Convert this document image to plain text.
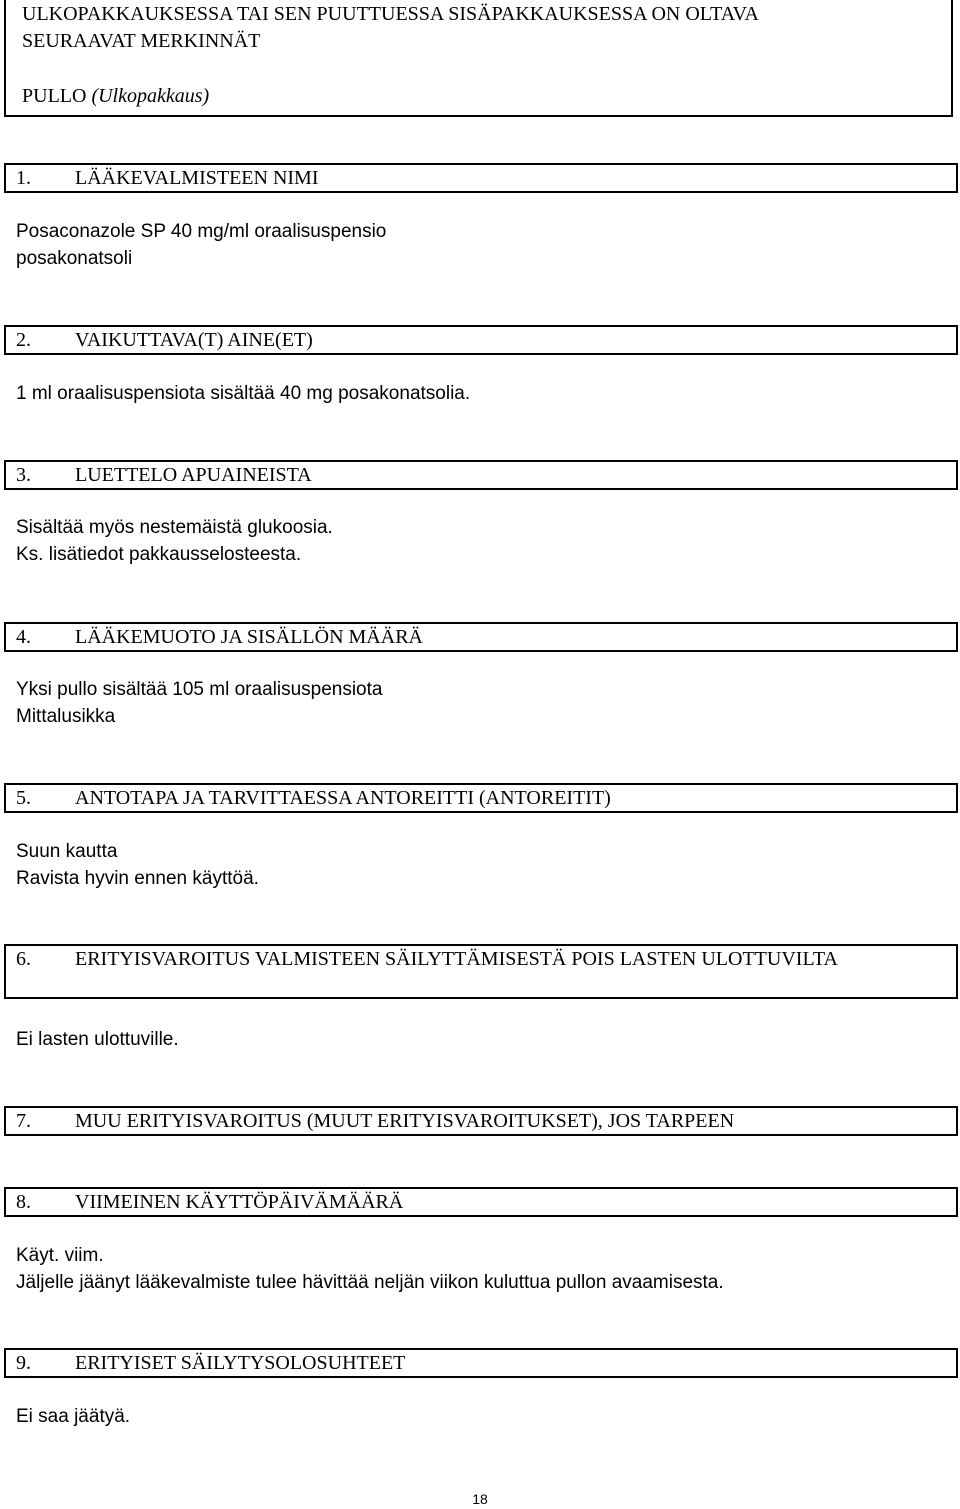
ULKOPAKKAUKSESSA TAI SEN PUUTTUESSA SISÄPAKKAUKSESSA ON OLTAVA
SEURAAVAT MERKINNÄT
PULLO (Ulkopakkaus)
1. LÄÄKEVALMISTEEN NIMI
Posaconazole SP 40 mg/ml oraalisuspensio
posakonatsoli
2. VAIKUTTAVA(T) AINE(ET)
1 ml oraalisuspensiota sisältää 40 mg posakonatsolia.
3. LUETTELO APUAINEISTA
Sisältää myös nestemäistä glukoosia.
Ks. lisätiedot pakkausselosteesta.
4. LÄÄKEMUOTO JA SISÄLLÖN MÄÄRÄ
Yksi pullo sisältää 105 ml oraalisuspensiota
Mittalusikka
5. ANTOTAPA JA TARVITTAESSA ANTOREITTI (ANTOREITIT)
Suun kautta
Ravista hyvin ennen käyttöä.
6. ERITYISVAROITUS VALMISTEEN SÄILYTTÄMISESTÄ POIS LASTEN ULOTTUVILTA
Ei lasten ulottuville.
7. MUU ERITYISVAROITUS (MUUT ERITYISVAROITUKSET), JOS TARPEEN
8. VIIMEINEN KÄYTTÖPÄIVÄMÄÄRÄ
Käyt. viim.
Jäljelle jäänyt lääkevalmiste tulee hävittää neljän viikon kuluttua pullon avaamisesta.
9. ERITYISET SÄILYTYSOLOSUHTEET
Ei saa jäätyä.
18
